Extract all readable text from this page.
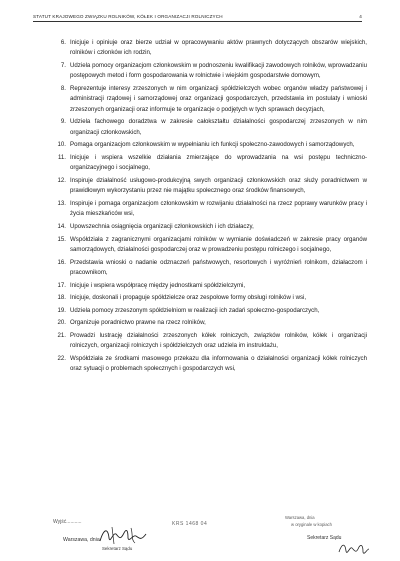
STATUT KRAJOWEGO ZWIĄZKU ROLNIKÓW, KÓŁEK I ORGANIZACJI ROLNICZYCH	4
6. Inicjuje i opiniuje oraz bierze udział w opracowywaniu aktów prawnych dotyczących obszarów wiejskich, rolników i członków ich rodzin,
7. Udziela pomocy organizacjom członkowskim w podnoszeniu kwalifikacji zawodowych rolników, wprowadzaniu postępowych metod i form gospodarowania w rolnictwie i wiejskim gospodarstwie domowym,
8. Reprezentuje interesy zrzeszonych w nim organizacji spółdzielczych wobec organów władzy państwowej i administracji rządowej i samorządowej oraz organizacji gospodarczych, przedstawia im postulaty i wnioski zrzeszonych organizacji oraz informuje te organizacje o podjętych w tych sprawach decyzjach,
9. Udziela fachowego doradztwa w zakresie całokształtu działalności gospodarczej zrzeszonych w nim organizacji członkowskich,
10. Pomaga organizacjom członkowskim w wypełnianiu ich funkcji społeczno-zawodowych i samorządowych,
11. Inicjuje i wspiera wszelkie działania zmierzające do wprowadzania na wsi postępu techniczno-organizacyjnego i socjalnego,
12. Inspiruje działalność usługowo-produkcyjną swych organizacji członkowskich oraz służy poradnictwem w prawidłowym wykorzystaniu przez nie majątku społecznego oraz środków finansowych,
13. Inspiruje i pomaga organizacjom członkowskim w rozwijaniu działalności na rzecz poprawy warunków pracy i życia mieszkańców wsi,
14. Upowszechnia osiągnięcia organizacji członkowskich i ich działaczy,
15. Współdziała z zagranicznymi organizacjami rolników w wymianie doświadczeń w zakresie pracy organów samorządowych, działalności gospodarczej oraz w prowadzeniu postępu rolniczego i socjalnego,
16. Przedstawia wnioski o nadanie odznaczeń państwowych, resortowych i wyróżnień rolnikom, działaczom i pracownikom,
17. Inicjuje i wspiera współpracę między jednostkami spółdzielczymi,
18. Inicjuje, doskonali i propaguje spółdzielcze oraz zespołowe formy obsługi rolników i wsi,
19. Udziela pomocy zrzeszonym spółdzielniom w realizacji ich zadań społeczno-gospodarczych,
20. Organizuje poradnictwo prawne na rzecz rolników,
21. Prowadzi lustrację działalności zrzeszonych kółek rolniczych, związków rolników, kółek i organizacji rolniczych, organizacji rolniczych i spółdzielczych oraz udziela im instruktażu,
22. Współdziała ze środkami masowego przekazu dla informowania o działalności organizacji kółek rolniczych oraz sytuacji o problemach społecznych i gospodarczych wsi,
Wyjść...........
Warszawa, dnia
Sekretarz Sądu
KRS 1468 04
Warszawa, dnia
w oryginale w kopiach
Sekretarz Sądu
